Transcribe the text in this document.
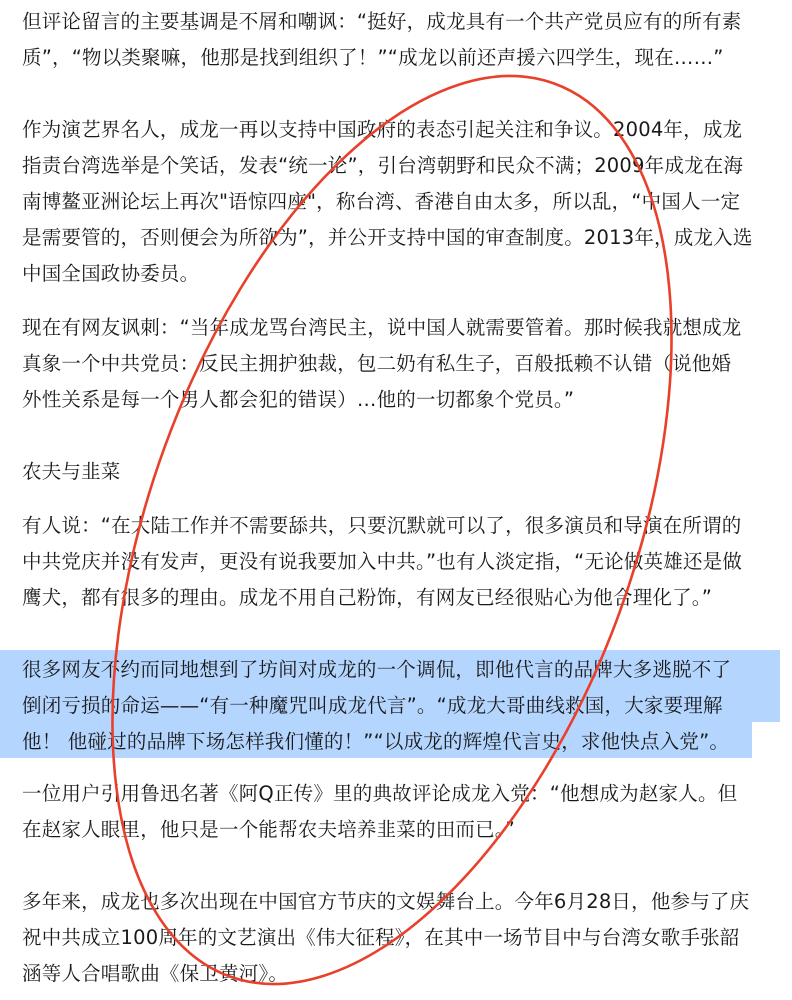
但评论留言的主要基调是不屑和嘲讽：“挺好，成龙具有一个共产党员应有的所有素
质”，“物以类聚嘛，他那是找到组织了！”“成龙以前还声援六四学生，现在……”
作为演艺界名人，成龙一再以支持中国政府的表态引起关注和争议。2004年，成龙
指责台湾选举是个笑话，发表“统一论”，引台湾朝野和民众不满；2009年成龙在海
南博鳌亚洲论坛上再次"语惊四座"，称台湾、香港自由太多，所以乱，“中国人一定
是需要管的，否则便会为所欲为”，并公开支持中国的审查制度。2013年，成龙入选
中国全国政协委员。
现在有网友讽刺：“当年成龙骂台湾民主，说中国人就需要管着。那时候我就想成龙
真象一个中共党员：反民主拥护独裁，包二奶有私生子，百般抵赖不认错（说他婚
外性关系是每一个男人都会犯的错误）…他的一切都象个党员。”
农夫与韭菜
有人说：“在大陆工作并不需要舔共，只要沉默就可以了，很多演员和导演在所谓的
中共党庆并没有发声，更没有说我要加入中共。”也有人淡定指，“无论做英雄还是做
鹰犬，都有很多的理由。成龙不用自己粉饰，有网友已经很贴心为他合理化了。”
很多网友不约而同地想到了坊间对成龙的一个调侃，即他代言的品牌大多逃脱不了
倒闭亏损的命运——“有一种魔咒叫成龙代言”。“成龙大哥曲线救国，大家要理解
他！ 他碰过的品牌下场怎样我们懂的！”“以成龙的辉煌代言史，求他快点入党”。
一位用户引用鲁迅名著《阿Q正传》里的典故评论成龙入党：“他想成为赵家人。但
在赵家人眼里，他只是一个能帮农夫培养韭菜的田而已。”
多年来，成龙也多次出现在中国官方节庆的文娱舞台上。今年6月28日，他参与了庆
祝中共成立100周年的文艺演出《伟大征程》，在其中一场节目中与台湾女歌手张韶
涵等人合唱歌曲《保卫黄河》。
